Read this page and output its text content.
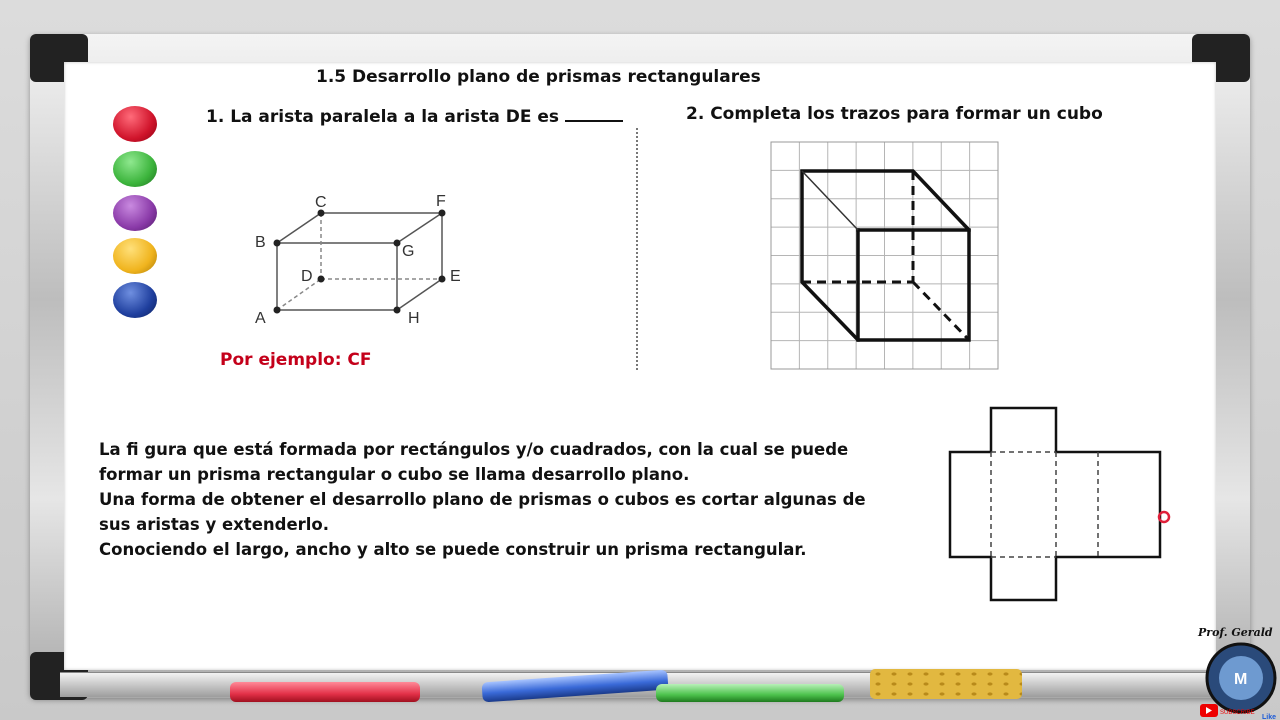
1.5 Desarrollo plano de prismas rectangulares
1. La arista paralela a la arista DE es	2. Completa los trazos para formar un cubo
A
B
C
D	E
F
G
H
Por ejemplo: CF
La fi gura que está formada por rectángulos y/o cuadrados, con la cual se puede
formar un prisma rectangular o cubo se llama desarrollo plano.
Una forma de obtener el desarrollo plano de prismas o cubos es cortar algunas de
sus aristas y extenderlo.
Conociendo el largo, ancho y alto se puede construir un prisma rectangular.
Prof. Gerald
M
SUBSCRIBE
Like
